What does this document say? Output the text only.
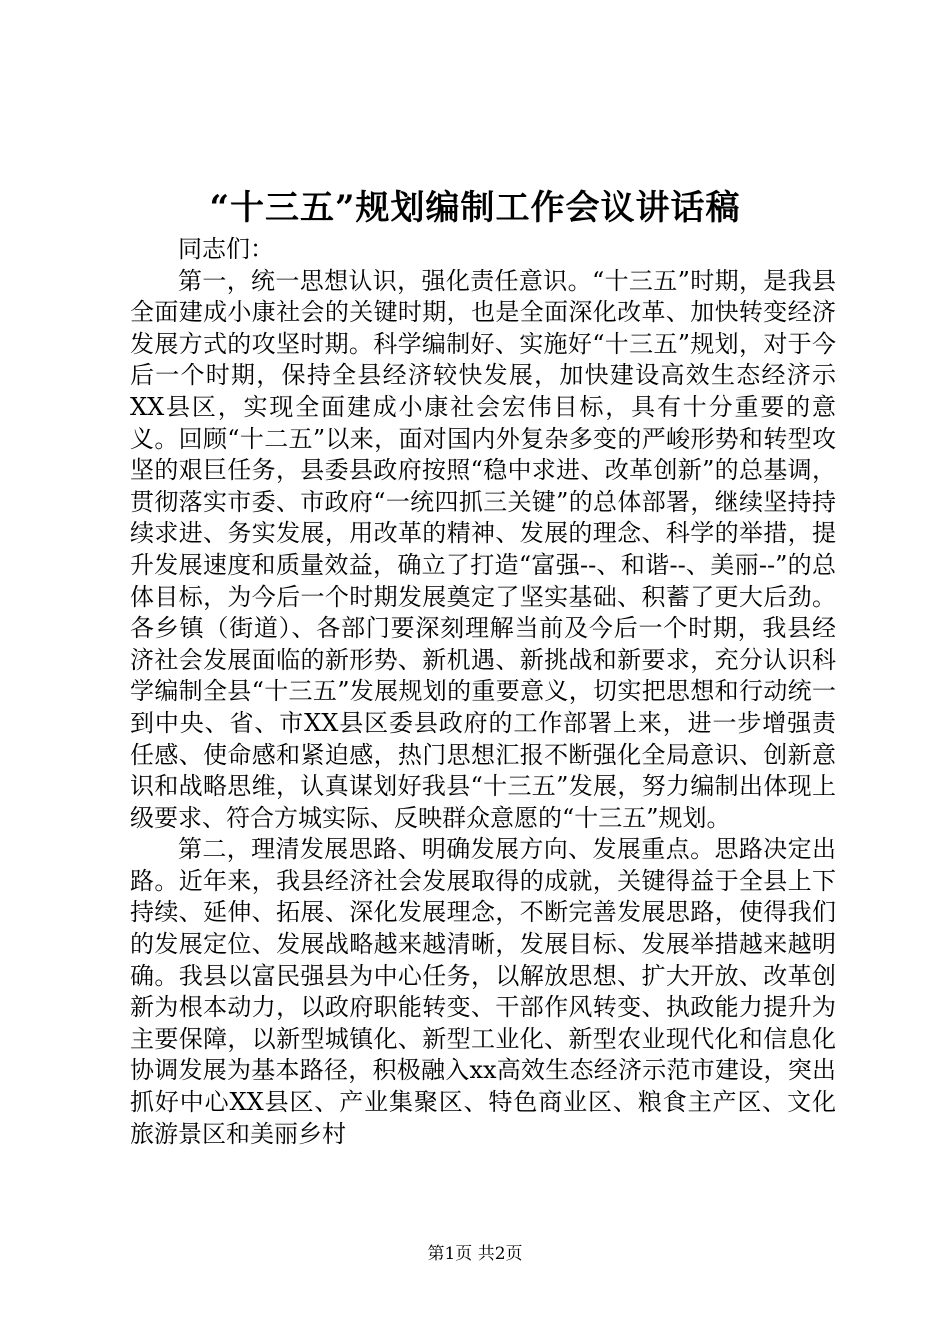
“十三五”规划编制工作会议讲话稿

同志们：

第一，统一思想认识，强化责任意识。“十三五”时期，是我县全面建成小康社会的关键时期，也是全面深化改革、加快转变经济发展方式的攻坚时期。科学编制好、实施好“十三五”规划，对于今后一个时期，保持全县经济较快发展，加快建设高效生态经济示XX县区，实现全面建成小康社会宏伟目标，具有十分重要的意义。回顾“十二五”以来，面对国内外复杂多变的严峻形势和转型攻坚的艰巨任务，县委县政府按照“稳中求进、改革创新”的总基调，贯彻落实市委、市政府“一统四抓三关键”的总体部署，继续坚持持续求进、务实发展，用改革的精神、发展的理念、科学的举措，提升发展速度和质量效益，确立了打造“富强--、和谐--、美丽--”的总体目标，为今后一个时期发展奠定了坚实基础、积蓄了更大后劲。各乡镇（街道）、各部门要深刻理解当前及今后一个时期，我县经济社会发展面临的新形势、新机遇、新挑战和新要求，充分认识科学编制全县“十三五”发展规划的重要意义，切实把思想和行动统一到中央、省、市XX县区委县政府的工作部署上来，进一步增强责任感、使命感和紧迫感，热门思想汇报不断强化全局意识、创新意识和战略思维，认真谋划好我县“十三五”发展，努力编制出体现上级要求、符合方城实际、反映群众意愿的“十三五”规划。

第二，理清发展思路、明确发展方向、发展重点。思路决定出路。近年来，我县经济社会发展取得的成就，关键得益于全县上下持续、延伸、拓展、深化发展理念，不断完善发展思路，使得我们的发展定位、发展战略越来越清晰，发展目标、发展举措越来越明确。我县以富民强县为中心任务，以解放思想、扩大开放、改革创新为根本动力，以政府职能转变、干部作风转变、执政能力提升为主要保障，以新型城镇化、新型工业化、新型农业现代化和信息化协调发展为基本路径，积极融入xx高效生态经济示范市建设，突出抓好中心XX县区、产业集聚区、特色商业区、粮食主产区、文化旅游景区和美丽乡村

第1页 共2页
